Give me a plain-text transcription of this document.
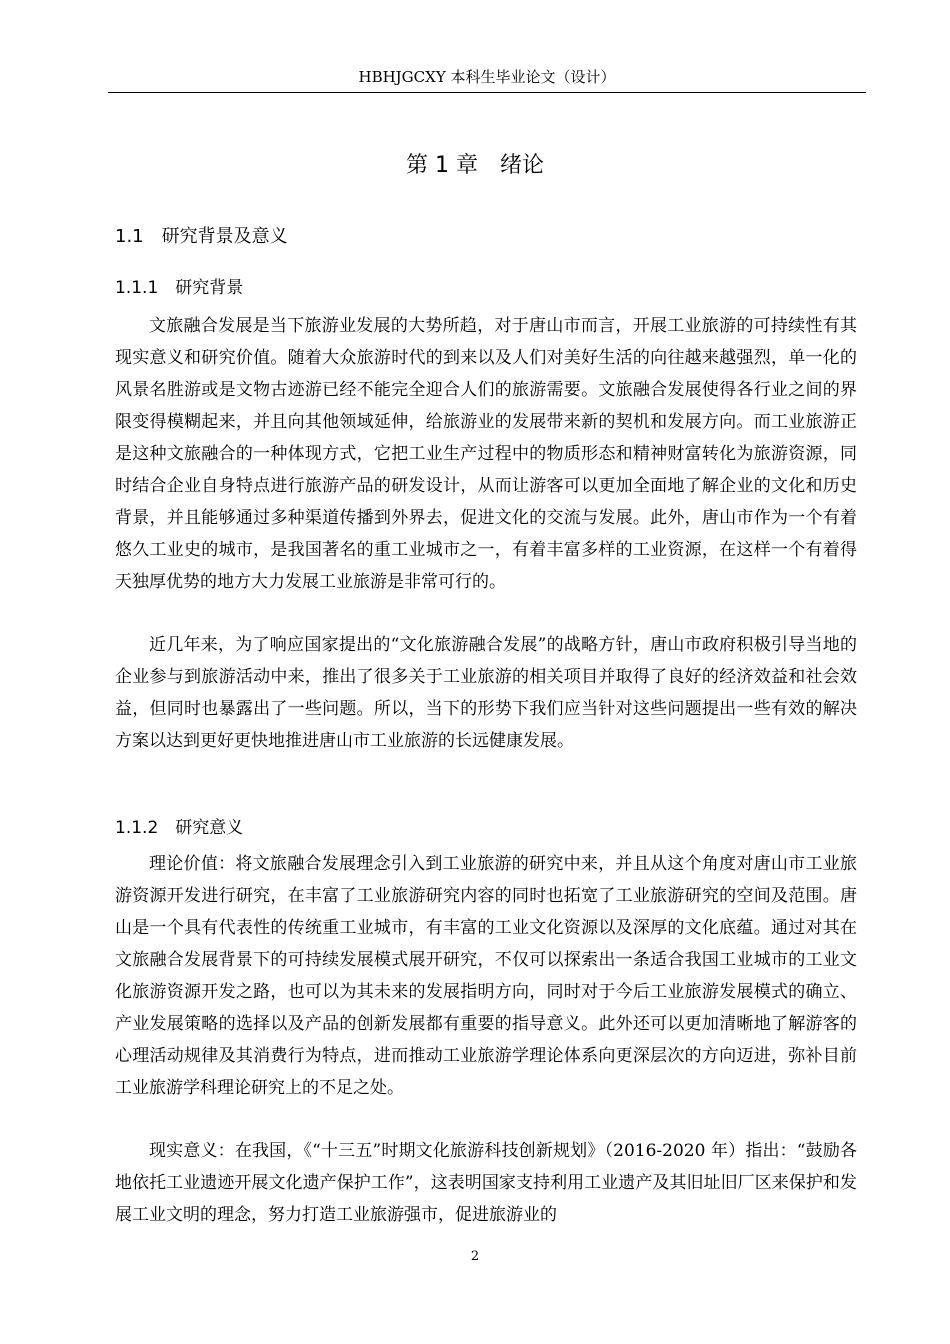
HBHJGCXY 本科生毕业论文（设计）
第 1 章　绪论
1.1　研究背景及意义
1.1.1　研究背景

文旅融合发展是当下旅游业发展的大势所趋，对于唐山市而言，开展工业旅游的可持续性有其现实意义和研究价值。随着大众旅游时代的到来以及人们对美好生活的向往越来越强烈，单一化的风景名胜游或是文物古迹游已经不能完全迎合人们的旅游需要。文旅融合发展使得各行业之间的界限变得模糊起来，并且向其他领域延伸，给旅游业的发展带来新的契机和发展方向。而工业旅游正是这种文旅融合的一种体现方式，它把工业生产过程中的物质形态和精神财富转化为旅游资源，同时结合企业自身特点进行旅游产品的研发设计，从而让游客可以更加全面地了解企业的文化和历史背景，并且能够通过多种渠道传播到外界去，促进文化的交流与发展。此外，唐山市作为一个有着悠久工业史的城市，是我国著名的重工业城市之一，有着丰富多样的工业资源，在这样一个有着得天独厚优势的地方大力发展工业旅游是非常可行的。

近几年来，为了响应国家提出的“文化旅游融合发展”的战略方针，唐山市政府积极引导当地的企业参与到旅游活动中来，推出了很多关于工业旅游的相关项目并取得了良好的经济效益和社会效益，但同时也暴露出了一些问题。所以，当下的形势下我们应当针对这些问题提出一些有效的解决方案以达到更好更快地推进唐山市工业旅游的长远健康发展。

1.1.2　研究意义

理论价值：将文旅融合发展理念引入到工业旅游的研究中来，并且从这个角度对唐山市工业旅游资源开发进行研究，在丰富了工业旅游研究内容的同时也拓宽了工业旅游研究的空间及范围。唐山是一个具有代表性的传统重工业城市，有丰富的工业文化资源以及深厚的文化底蕴。通过对其在文旅融合发展背景下的可持续发展模式展开研究，不仅可以探索出一条适合我国工业城市的工业文化旅游资源开发之路，也可以为其未来的发展指明方向，同时对于今后工业旅游发展模式的确立、产业发展策略的选择以及产品的创新发展都有重要的指导意义。此外还可以更加清晰地了解游客的心理活动规律及其消费行为特点，进而推动工业旅游学理论体系向更深层次的方向迈进，弥补目前工业旅游学科理论研究上的不足之处。

现实意义：在我国，《“十三五”时期文化旅游科技创新规划》（2016-2020 年）指出：“鼓励各地依托工业遗迹开展文化遗产保护工作”，这表明国家支持利用工业遗产及其旧址旧厂区来保护和发展工业文明的理念，努力打造工业旅游强市，促进旅游业的

2
